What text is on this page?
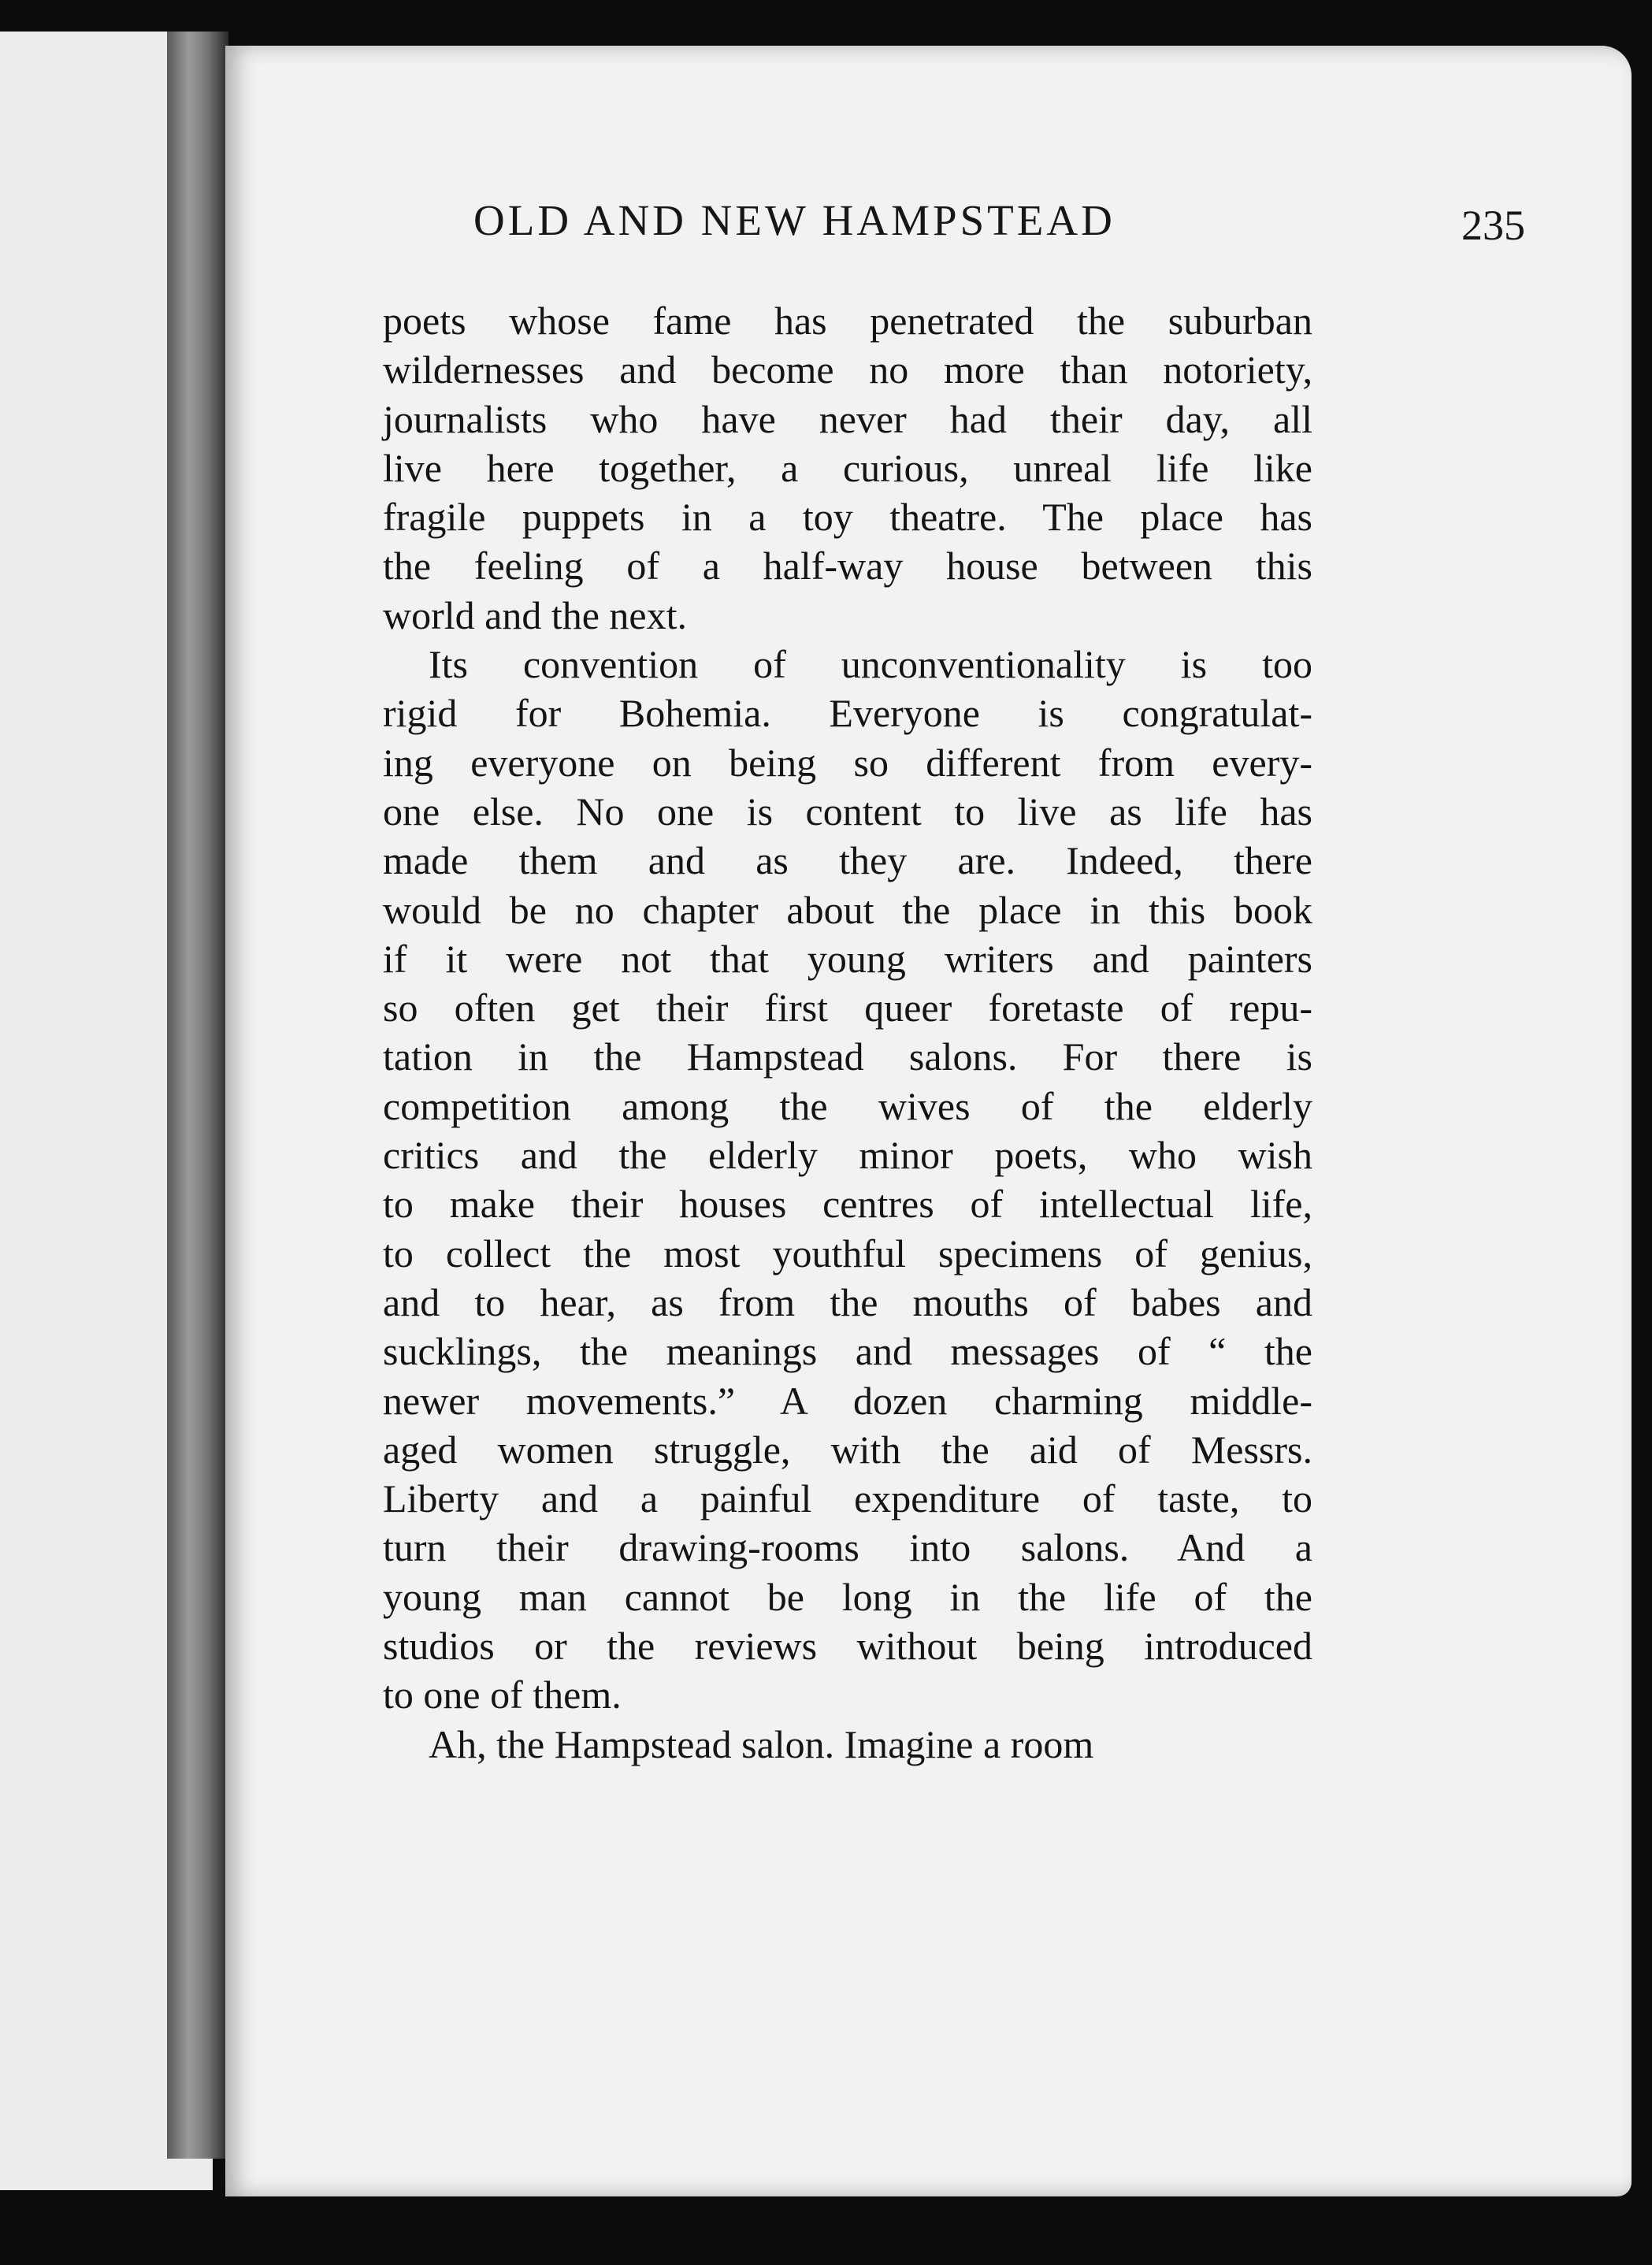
OLD AND NEW HAMPSTEAD	235
poets whose fame has penetrated the suburban
wildernesses and become no more than notoriety,
journalists who have never had their day, all
live here together, a curious, unreal life like
fragile puppets in a toy theatre. The place has
the feeling of a half-way house between this
world and the next.
Its convention of unconventionality is too
rigid for Bohemia. Everyone is congratulat-
ing everyone on being so different from every-
one else. No one is content to live as life has
made them and as they are. Indeed, there
would be no chapter about the place in this book
if it were not that young writers and painters
so often get their first queer foretaste of repu-
tation in the Hampstead salons. For there is
competition among the wives of the elderly
critics and the elderly minor poets, who wish
to make their houses centres of intellectual life,
to collect the most youthful specimens of genius,
and to hear, as from the mouths of babes and
sucklings, the meanings and messages of “ the
newer movements.” A dozen charming middle-
aged women struggle, with the aid of Messrs.
Liberty and a painful expenditure of taste, to
turn their drawing-rooms into salons. And a
young man cannot be long in the life of the
studios or the reviews without being introduced
to one of them.
Ah, the Hampstead salon. Imagine a room
